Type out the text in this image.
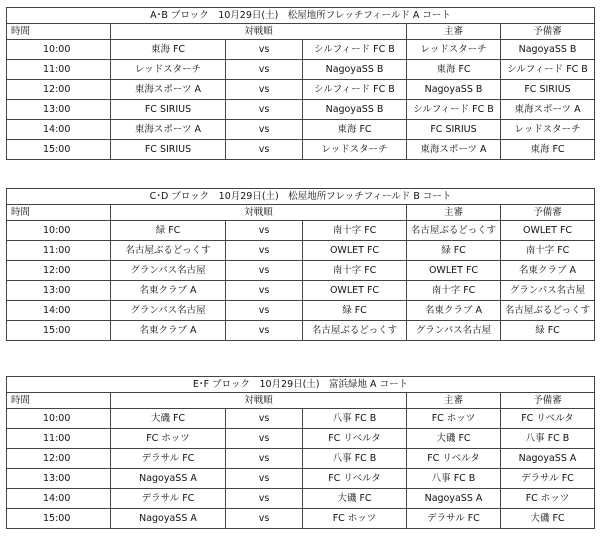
A･B ブロック　10月29日(土)　松屋地所フレッチフィールド A コート					
時間	対戦順			主審	予備審
10:00	東海 FC	vs	シルフィード FC B	レッドスターチ	NagoyaSS B
11:00	レッドスターチ	vs	NagoyaSS B	東海 FC	シルフィード FC B
12:00	東海スポーツ A	vs	シルフィード FC B	NagoyaSS B	FC SIRIUS
13:00	FC SIRIUS	vs	NagoyaSS B	シルフィード FC B	東海スポーツ A
14:00	東海スポーツ A	vs	東海 FC	FC SIRIUS	レッドスターチ
15:00	FC SIRIUS	vs	レッドスターチ	東海スポーツ A	東海 FC
C･D ブロック　10月29日(土)　松屋地所フレッチフィールド B コート					
時間	対戦順			主審	予備審
10:00	緑 FC	vs	南十字 FC	名古屋ぶるどっくす	OWLET FC
11:00	名古屋ぶるどっくす	vs	OWLET FC	緑 FC	南十字 FC
12:00	グランパス名古屋	vs	南十字 FC	OWLET FC	名東クラブ A
13:00	名東クラブ A	vs	OWLET FC	南十字 FC	グランパス名古屋
14:00	グランパス名古屋	vs	緑 FC	名東クラブ A	名古屋ぶるどっくす
15:00	名東クラブ A	vs	名古屋ぶるどっくす	グランパス名古屋	緑 FC
E･F ブロック　10月29日(土)　富浜緑地 A コート					
時間	対戦順			主審	予備審
10:00	大磯 FC	vs	八事 FC B	FC ホッツ	FC リベルタ
11:00	FC ホッツ	vs	FC リベルタ	大磯 FC	八事 FC B
12:00	デラサル FC	vs	八事 FC B	FC リベルタ	NagoyaSS A
13:00	NagoyaSS A	vs	FC リベルタ	八事 FC B	デラサル FC
14:00	デラサル FC	vs	大磯 FC	NagoyaSS A	FC ホッツ
15:00	NagoyaSS A	vs	FC ホッツ	デラサル FC	大磯 FC
